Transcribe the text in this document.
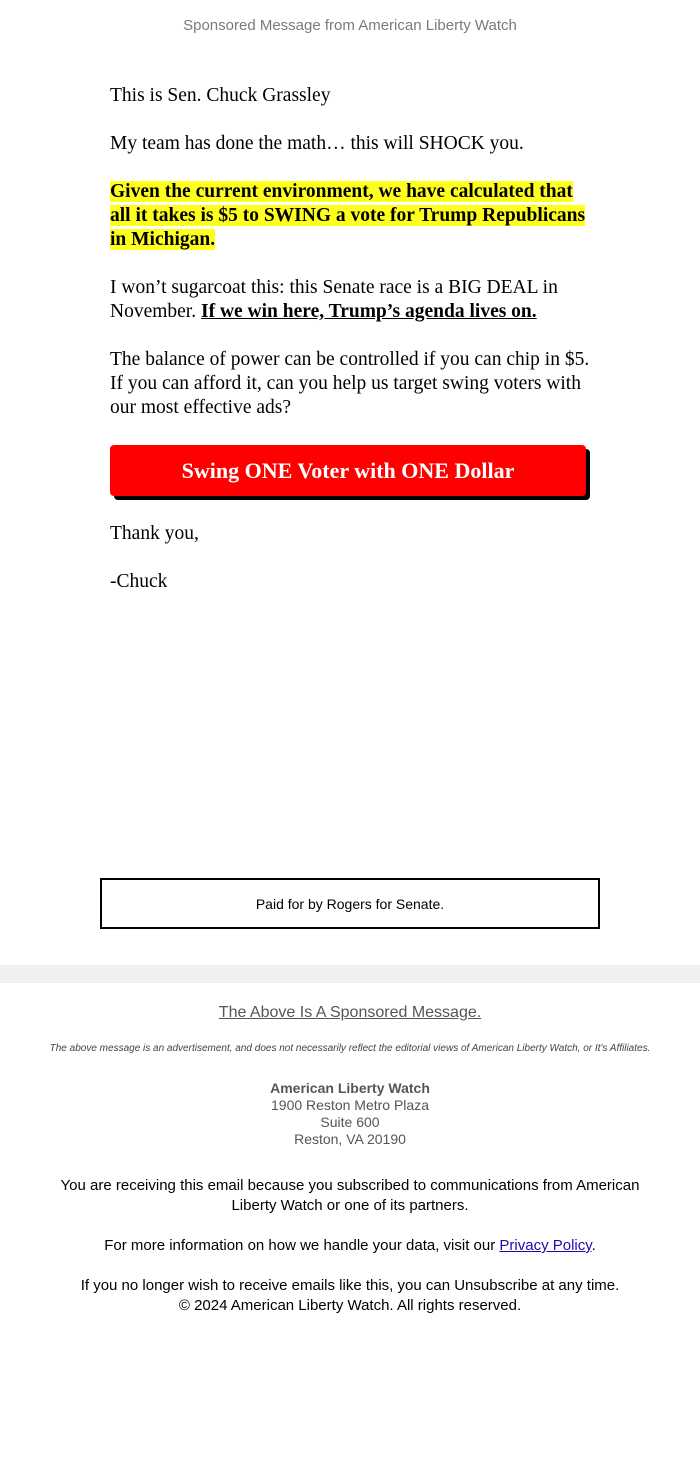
Sponsored Message from American Liberty Watch

This is Sen. Chuck Grassley

My team has done the math… this will SHOCK you.

Given the current environment, we have calculated that all it takes is $5 to SWING a vote for Trump Republicans in Michigan.

I won’t sugarcoat this: this Senate race is a BIG DEAL in November. If we win here, Trump’s agenda lives on.

The balance of power can be controlled if you can chip in $5. If you can afford it, can you help us target swing voters with our most effective ads?

Swing ONE Voter with ONE Dollar

Thank you,

-Chuck

Paid for by Rogers for Senate.
The Above Is A Sponsored Message.
The above message is an advertisement, and does not necessarily reflect the editorial views of American Liberty Watch, or It's Affiliates.
American Liberty Watch
1900 Reston Metro Plaza
Suite 600
Reston, VA 20190
You are receiving this email because you subscribed to communications from American Liberty Watch or one of its partners.
For more information on how we handle your data, visit our Privacy Policy.
If you no longer wish to receive emails like this, you can Unsubscribe at any time.
© 2024 American Liberty Watch. All rights reserved.
